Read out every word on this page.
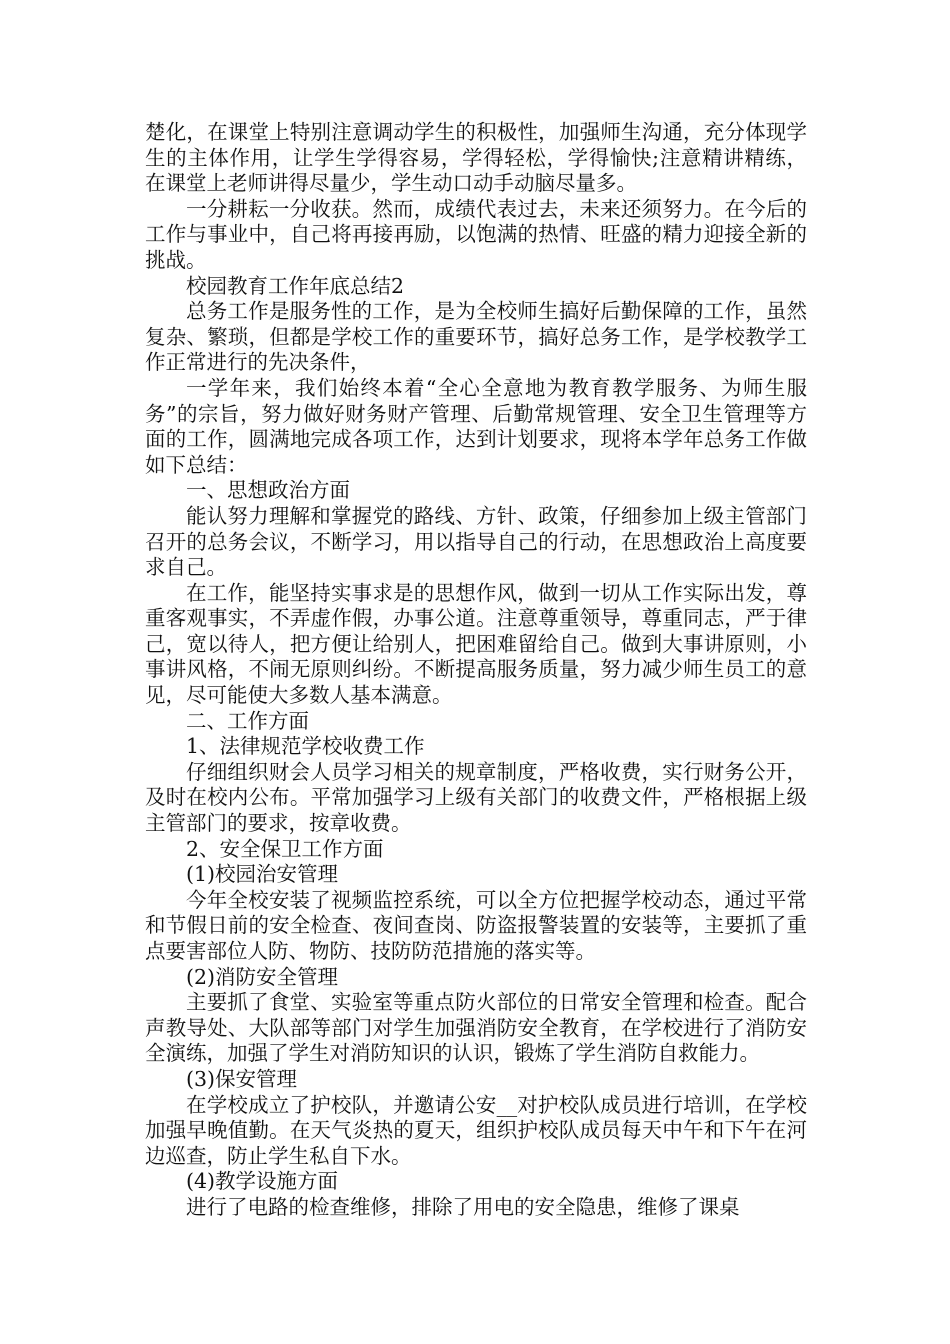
楚化，在课堂上特别注意调动学生的积极性，加强师生沟通，充分体现学生的主体作用，让学生学得容易，学得轻松，学得愉快;注意精讲精练，在课堂上老师讲得尽量少，学生动口动手动脑尽量多。

一分耕耘一分收获。然而，成绩代表过去，未来还须努力。在今后的工作与事业中，自己将再接再励，以饱满的热情、旺盛的精力迎接全新的挑战。

校园教育工作年底总结2

总务工作是服务性的工作，是为全校师生搞好后勤保障的工作，虽然复杂、繁琐，但都是学校工作的重要环节，搞好总务工作，是学校教学工作正常进行的先决条件，

一学年来，我们始终本着“全心全意地为教育教学服务、为师生服务”的宗旨，努力做好财务财产管理、后勤常规管理、安全卫生管理等方面的工作，圆满地完成各项工作，达到计划要求，现将本学年总务工作做如下总结：

一、思想政治方面

能认努力理解和掌握党的路线、方针、政策，仔细参加上级主管部门召开的总务会议，不断学习，用以指导自己的行动，在思想政治上高度要求自己。

在工作，能坚持实事求是的思想作风，做到一切从工作实际出发，尊重客观事实，不弄虚作假，办事公道。注意尊重领导，尊重同志，严于律己，宽以待人，把方便让给别人，把困难留给自己。做到大事讲原则，小事讲风格，不闹无原则纠纷。不断提高服务质量，努力减少师生员工的意见，尽可能使大多数人基本满意。

二、工作方面

1、法律规范学校收费工作

仔细组织财会人员学习相关的规章制度，严格收费，实行财务公开，及时在校内公布。平常加强学习上级有关部门的收费文件，严格根据上级主管部门的要求，按章收费。

2、安全保卫工作方面

(1)校园治安管理

今年全校安装了视频监控系统，可以全方位把握学校动态，通过平常和节假日前的安全检查、夜间查岗、防盗报警装置的安装等，主要抓了重点要害部位人防、物防、技防防范措施的落实等。

(2)消防安全管理

主要抓了食堂、实验室等重点防火部位的日常安全管理和检查。配合声教导处、大队部等部门对学生加强消防安全教育，在学校进行了消防安全演练，加强了学生对消防知识的认识，锻炼了学生消防自救能力。

(3)保安管理

在学校成立了护校队，并邀请公安__对护校队成员进行培训，在学校加强早晚值勤。在天气炎热的夏天，组织护校队成员每天中午和下午在河边巡查，防止学生私自下水。

(4)教学设施方面

进行了电路的检查维修，排除了用电的安全隐患，维修了课桌
